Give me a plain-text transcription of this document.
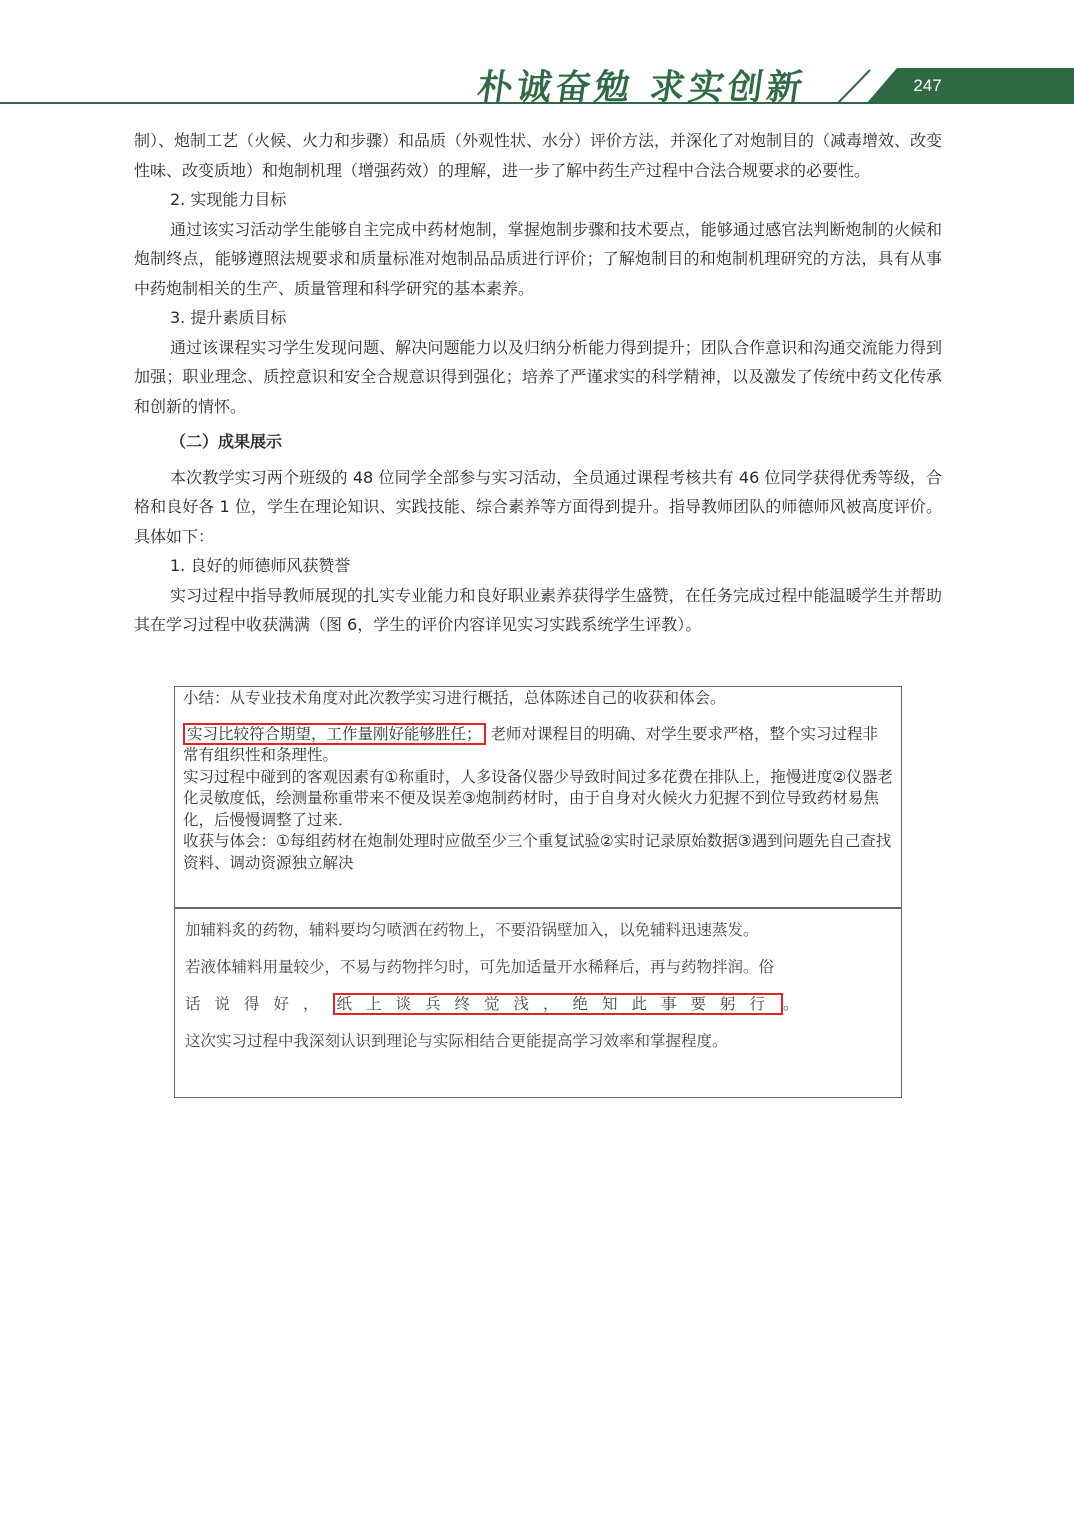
朴诚奋勉 求实创新	247

制）、炮制工艺（火候、火力和步骤）和品质（外观性状、水分）评价方法，并深化了对炮制目的（减毒增效、改变性味、改变质地）和炮制机理（增强药效）的理解，进一步了解中药生产过程中合法合规要求的必要性。

2. 实现能力目标

通过该实习活动学生能够自主完成中药材炮制，掌握炮制步骤和技术要点，能够通过感官法判断炮制的火候和炮制终点，能够遵照法规要求和质量标准对炮制品品质进行评价；了解炮制目的和炮制机理研究的方法，具有从事中药炮制相关的生产、质量管理和科学研究的基本素养。

3. 提升素质目标

通过该课程实习学生发现问题、解决问题能力以及归纳分析能力得到提升；团队合作意识和沟通交流能力得到加强；职业理念、质控意识和安全合规意识得到强化；培养了严谨求实的科学精神，以及激发了传统中药文化传承和创新的情怀。

（二）成果展示

本次教学实习两个班级的 48 位同学全部参与实习活动，全员通过课程考核共有 46 位同学获得优秀等级，合格和良好各 1 位，学生在理论知识、实践技能、综合素养等方面得到提升。指导教师团队的师德师风被高度评价。具体如下：

1. 良好的师德师风获赞誉

实习过程中指导教师展现的扎实专业能力和良好职业素养获得学生盛赞，在任务完成过程中能温暖学生并帮助其在学习过程中收获满满（图 6，学生的评价内容详见实习实践系统学生评教）。

小结：从专业技术角度对此次教学实习进行概括，总体陈述自己的收获和体会。

实习比较符合期望，工作量刚好能够胜任； 老师对课程目的明确、对学生要求严格，整个实习过程非常有组织性和条理性。

实习过程中碰到的客观因素有①称重时，人多设备仪器少导致时间过多花费在排队上，拖慢进度②仪器老化灵敏度低，绘测量称重带来不便及误差③炮制药材时，由于自身对火候火力犯握不到位导致药材易焦化，后慢慢调整了过来．

收获与体会：①每组药材在炮制处理时应做至少三个重复试验②实时记录原始数据③遇到问题先自己查找资料、调动资源独立解决

加辅料炙的药物，辅料要均匀喷洒在药物上，不要沿锅壁加入，以免辅料迅速蒸发。

若液体辅料用量较少，不易与药物拌匀时，可先加适量开水稀释后，再与药物拌润。俗

话说得好， 纸上谈兵终觉浅，绝知此事要躬行 。

这次实习过程中我深刻认识到理论与实际相结合更能提高学习效率和掌握程度。
